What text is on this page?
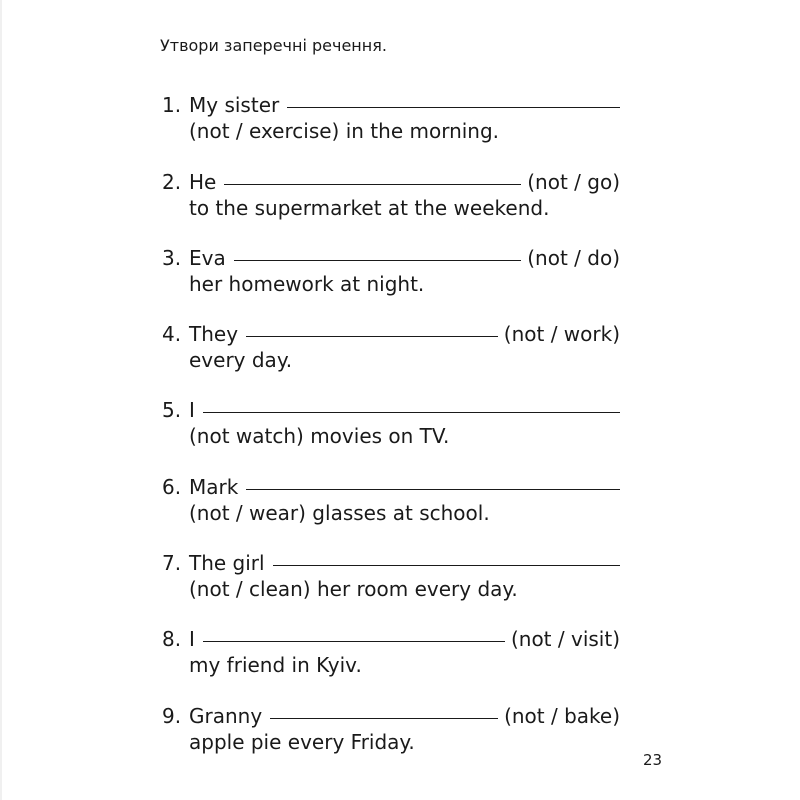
Утвори заперечні речення.
1. My sister
(not / exercise) in the morning.
2. He	(not / go)
to the supermarket at the weekend.
3. Eva	(not / do)
her homework at night.
4. They	(not / work)
every day.
5. I
(not watch) movies on TV.
6. Mark
(not / wear) glasses at school.
7. The girl
(not / clean) her room every day.
8. I	(not / visit)
my friend in Kyiv.
9. Granny	(not / bake)
apple pie every Friday.
23
